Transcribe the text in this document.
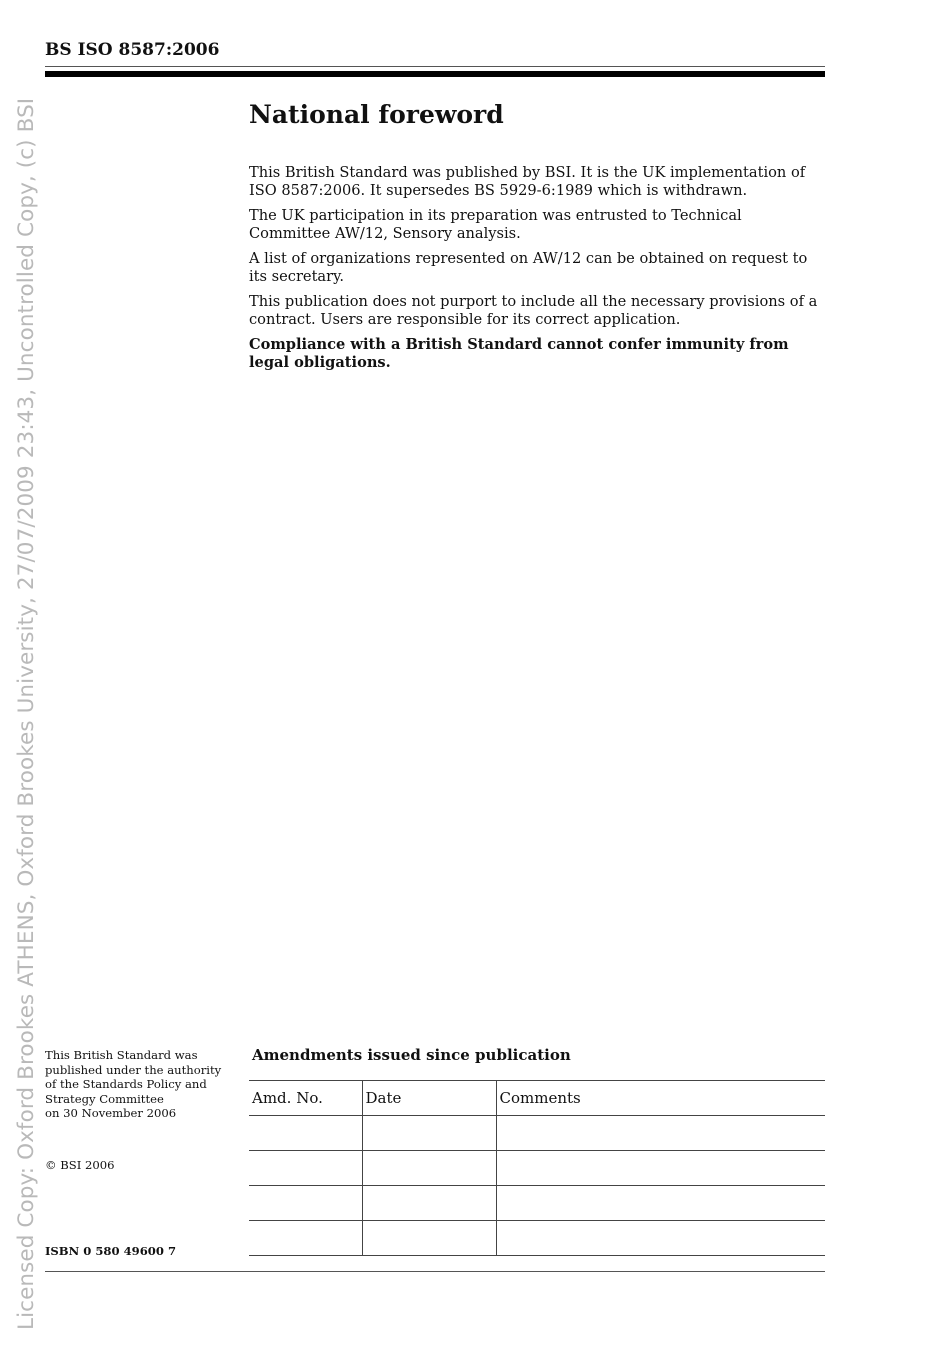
Licensed Copy: Oxford Brookes ATHENS, Oxford Brookes University, 27/07/2009 23:43, Uncontrolled Copy, (c) BSI
BS ISO 8587:2006
National foreword

This British Standard was published by BSI. It is the UK implementation of ISO 8587:2006. It supersedes BS 5929-6:1989 which is withdrawn.

The UK participation in its preparation was entrusted to Technical Committee AW/12, Sensory analysis.

A list of organizations represented on AW/12 can be obtained on request to its secretary.

This publication does not purport to include all the necessary provisions of a contract. Users are responsible for its correct application.

Compliance with a British Standard cannot confer immunity from legal obligations.

This British Standard was
published under the authority
of the Standards Policy and
Strategy Committee
on 30 November 2006
© BSI 2006
ISBN 0 580 49600 7
Amendments issued since publication
Amd. No.	Date	Comments
